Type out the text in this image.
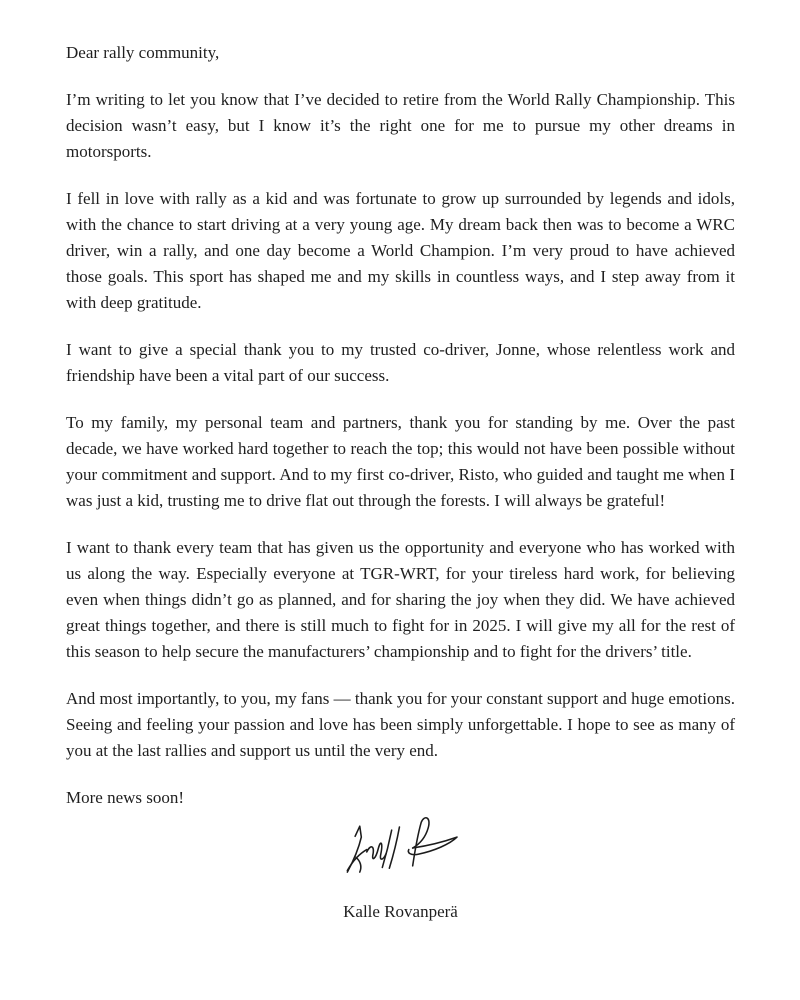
Dear rally community,

I’m writing to let you know that I’ve decided to retire from the World Rally Championship. This decision wasn’t easy, but I know it’s the right one for me to pursue my other dreams in motorsports.

I fell in love with rally as a kid and was fortunate to grow up surrounded by legends and idols, with the chance to start driving at a very young age. My dream back then was to become a WRC driver, win a rally, and one day become a World Champion. I’m very proud to have achieved those goals. This sport has shaped me and my skills in countless ways, and I step away from it with deep gratitude.

I want to give a special thank you to my trusted co-driver, Jonne, whose relentless work and friendship have been a vital part of our success.

To my family, my personal team and partners, thank you for standing by me. Over the past decade, we have worked hard together to reach the top; this would not have been possible without your commitment and support. And to my first co-driver, Risto, who guided and taught me when I was just a kid, trusting me to drive flat out through the forests. I will always be grateful!

I want to thank every team that has given us the opportunity and everyone who has worked with us along the way. Especially everyone at TGR-WRT, for your tireless hard work, for believing even when things didn’t go as planned, and for sharing the joy when they did. We have achieved great things together, and there is still much to fight for in 2025. I will give my all for the rest of this season to help secure the manufacturers’ championship and to fight for the drivers’ title.

And most importantly, to you, my fans — thank you for your constant support and huge emotions. Seeing and feeling your passion and love has been simply unforgettable. I hope to see as many of you at the last rallies and support us until the very end.

More news soon!

Kalle Rovanperä
